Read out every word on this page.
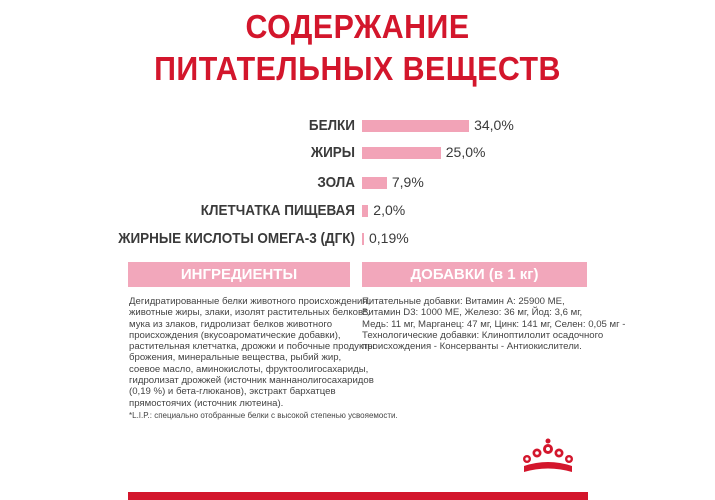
СОДЕРЖАНИЕ
ПИТАТЕЛЬНЫХ ВЕЩЕСТВ
БЕЛКИ	34,0%
ЖИРЫ	25,0%
ЗОЛА	7,9%
КЛЕТЧАТКА ПИЩЕВАЯ 2,0%
ЖИРНЫЕ КИСЛОТЫ ОМЕГА-3 (ДГК) 0,19%
ИНГРЕДИЕНТЫ	ДОБАВКИ (в 1 кг)
Дегидратированные белки животного происхождения,
животные жиры, злаки, изолят растительных белков*,
мука из злаков, гидролизат белков животного
происхождения (вкусоароматические добавки),
растительная клетчатка, дрожжи и побочные продукты
брожения, минеральные вещества, рыбий жир,
соевое масло, аминокислоты, фруктоолигосахариды,
гидролизат дрожжей (источник маннанолигосахаридов
(0,19 %) и бета-глюканов), экстракт бархатцев
прямостоячих (источник лютеина).
*L.I.P.: специально отобранные белки с высокой степенью усвояемости.
Питательные добавки: Витамин А: 25900 МЕ,
Витамин D3: 1000 МЕ, Железо: 36 мг, Йод: 3,6 мг,
Медь: 11 мг, Марганец: 47 мг, Цинк: 141 мг, Селен: 0,05 мг -
Технологические добавки: Клиноптилолит осадочного
происхождения - Консерванты - Антиокислители.
